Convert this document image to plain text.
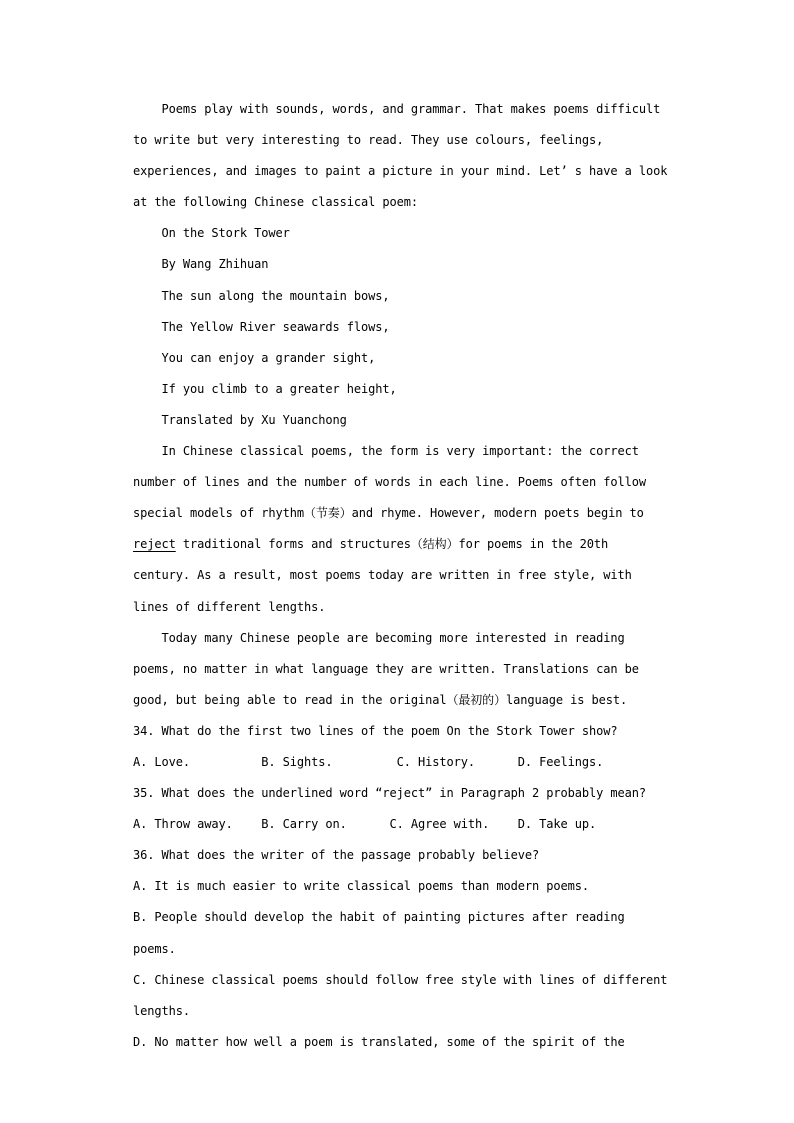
Poems play with sounds, words, and grammar. That makes poems difficult
to write but very interesting to read. They use colours, feelings,
experiences, and images to paint a picture in your mind. Let’ s have a look
at the following Chinese classical poem:
On the Stork Tower
By Wang Zhihuan
The sun along the mountain bows,
The Yellow River seawards flows,
You can enjoy a grander sight,
If you climb to a greater height,
Translated by Xu Yuanchong
In Chinese classical poems, the form is very important: the correct
number of lines and the number of words in each line. Poems often follow
special models of rhythm（节奏）and rhyme. However, modern poets begin to
reject traditional forms and structures（结构）for poems in the 20th
century. As a result, most poems today are written in free style, with
lines of different lengths.
Today many Chinese people are becoming more interested in reading
poems, no matter in what language they are written. Translations can be
good, but being able to read in the original（最初的）language is best.
34. What do the first two lines of the poem On the Stork Tower show?
A. Love.          B. Sights.         C. History.      D. Feelings.
35. What does the underlined word “reject” in Paragraph 2 probably mean?
A. Throw away.    B. Carry on.      C. Agree with.    D. Take up.
36. What does the writer of the passage probably believe?
A. It is much easier to write classical poems than modern poems.
B. People should develop the habit of painting pictures after reading
poems.
C. Chinese classical poems should follow free style with lines of different
lengths.
D. No matter how well a poem is translated, some of the spirit of the
